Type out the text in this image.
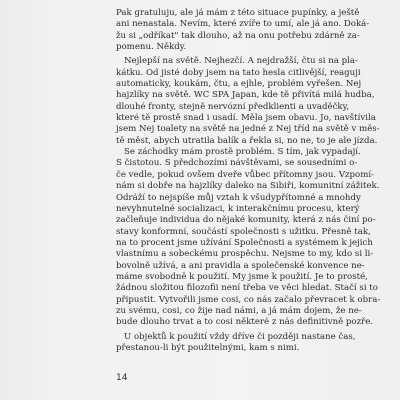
Pak gratuluju, ale já mám z této situace pupínky, a ještě
ani nenastala. Nevím, které zvíře to umí, ale já ano. Doká-
žu si „odříkat" tak dlouho, až na onu potřebu zdárně za-
pomenu. Někdy.
Nejlepší na světě. Nejhezčí. A nejdražší, čtu si na pla-
kátku. Od jisté doby jsem na tato hesla citlivější, reaguji
automaticky, koukám, čtu, a ejhle, problém vyřešen. Nej
hajzlíky na světě. WC SPA Japan, kde tě přivítá milá hudba,
dlouhé fronty, stejně nervózní předklienti a uvaděčky,
které tě prostě snad i usadí. Měla jsem obavu. Jo, navštívila
jsem Nej toalety na světě na jedné z Nej tříd na světě v měs-
tě měst, abych utratila balík a řekla si, no ne, to je ale jízda.
Se záchodky mám prostě problém. S tím, jak vypadají.
S čistotou. S předchozími návštěvami, se sousedními o-
če vedle, pokud ovšem dveře vůbec přítomny jsou. Vzpomí-
nám si dobře na hajzlíky daleko na Sibiři, komunitní zážitek.
Odráží to nejspíše můj vztah k všudypřítomné a mnohdy
nevyhnutelné socializaci, k interakčnímu procesu, který
začleňuje individua do nějaké komunity, která z nás činí po-
stavy konformní, součástí společnosti s užitku. Přesně tak,
na to procent jsme užívání Společnosti a systémem k jejich
vlastnímu a sobeckému prospěchu. Nejsme to my, kdo si li-
bovolně užívá, a ani pravidla a společenské konvence ne-
máme svobodně k použití. My jsme k použití. Je to prosté,
žádnou složitou filozofii není třeba ve věci hledat. Stačí si to
připustit. Vytvořili jsme cosi, co nás začalo převracet k obra-
zu svému, cosi, co žije nad námi, a já mám dojem, že ne-
bude dlouho trvat a to cosi některé z nás definitivně pozře.
U objektů k použití vždy dříve či později nastane čas,
přestanou-li být použitelnými, kam s nimi.
14
